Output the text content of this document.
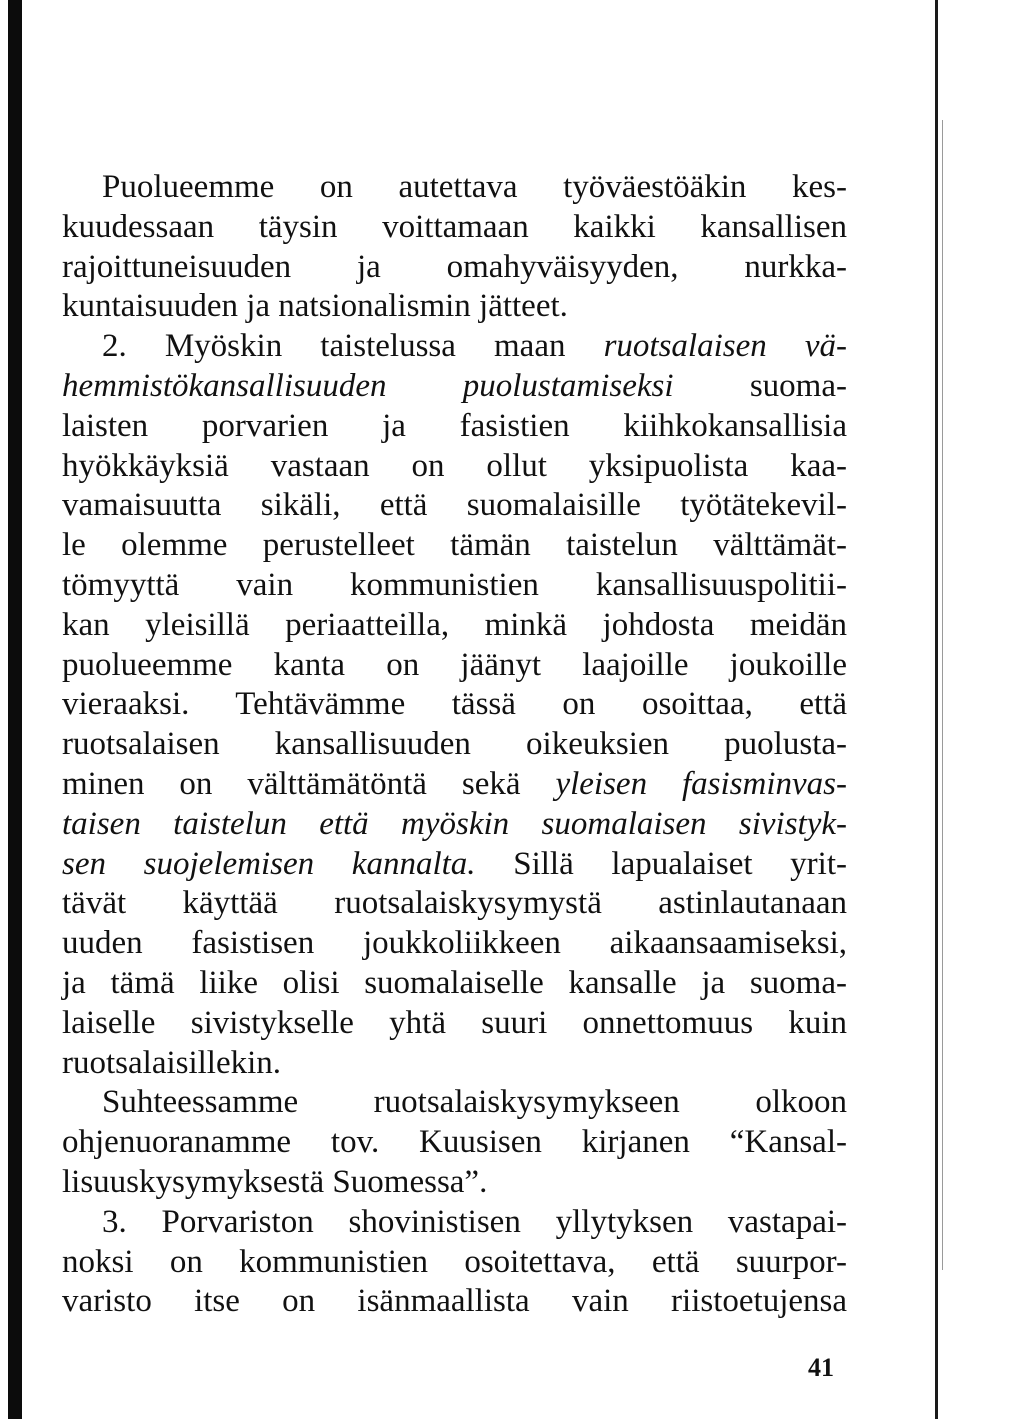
Puolueemme on autettava työväestöäkin kes-
kuudessaan täysin voittamaan kaikki kansallisen
rajoittuneisuuden ja omahyväisyyden, nurkka-
kuntaisuuden ja natsionalismin jätteet.
2. Myöskin taistelussa maan ruotsalaisen vä-
hemmistökansallisuuden puolustamiseksi suoma-
laisten porvarien ja fasistien kiihkokansallisia
hyökkäyksiä vastaan on ollut yksipuolista kaa-
vamaisuutta sikäli, että suomalaisille työtätekevil-
le olemme perustelleet tämän taistelun välttämät-
tömyyttä vain kommunistien kansallisuuspolitii-
kan yleisillä periaatteilla, minkä johdosta meidän
puolueemme kanta on jäänyt laajoille joukoille
vieraaksi. Tehtävämme tässä on osoittaa, että
ruotsalaisen kansallisuuden oikeuksien puolusta-
minen on välttämätöntä sekä yleisen fasisminvas-
taisen taistelun että myöskin suomalaisen sivistyk-
sen suojelemisen kannalta. Sillä lapualaiset yrit-
tävät käyttää ruotsalaiskysymystä astinlautanaan
uuden fasistisen joukkoliikkeen aikaansaamiseksi,
ja tämä liike olisi suomalaiselle kansalle ja suoma-
laiselle sivistykselle yhtä suuri onnettomuus kuin
ruotsalaisillekin.
Suhteessamme ruotsalaiskysymykseen olkoon
ohjenuoranamme tov. Kuusisen kirjanen “Kansal-
lisuuskysymyksestä Suomessa”.
3. Porvariston shovinistisen yllytyksen vastapai-
noksi on kommunistien osoitettava, että suurpor-
varisto itse on isänmaallista vain riistoetujensa
41
